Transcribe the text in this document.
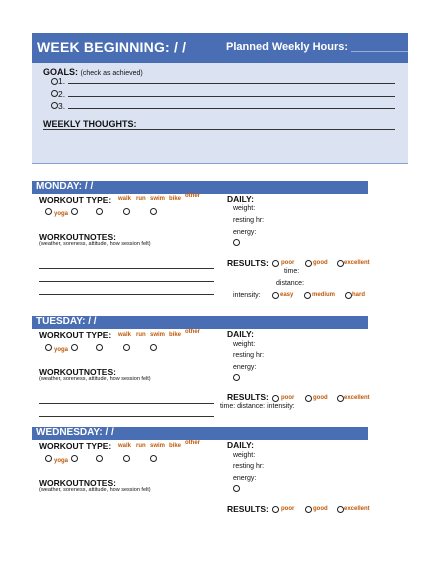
WEEK BEGINNING: / /	Planned Weekly Hours: __________
GOALS: (check as achieved)
1.
2.
3.
WEEKLY THOUGHTS:
MONDAY: / /
WORKOUT TYPE: walk run swim bike other
yoga
WORKOUTNOTES:
(weather, soreness, attitude, how session felt)
DAILY:
weight:
resting hr:
energy:
RESULTS: poor	good	excellent
time:
distance:
intensity:	easy	medium	hard
TUESDAY: / /
WORKOUT TYPE: walk run swim bike other
yoga
WORKOUTNOTES:
(weather, soreness, attitude, how session felt)
DAILY:
weight:
resting hr:
energy:
RESULTS: poor	good	excellent
time: distance: intensity:
WEDNESDAY: / /
WORKOUT TYPE: walk run swim bike other
yoga
WORKOUTNOTES:
(weather, soreness, attitude, how session felt)
DAILY:
weight:
resting hr:
energy:
RESULTS: poor	good	excellent
